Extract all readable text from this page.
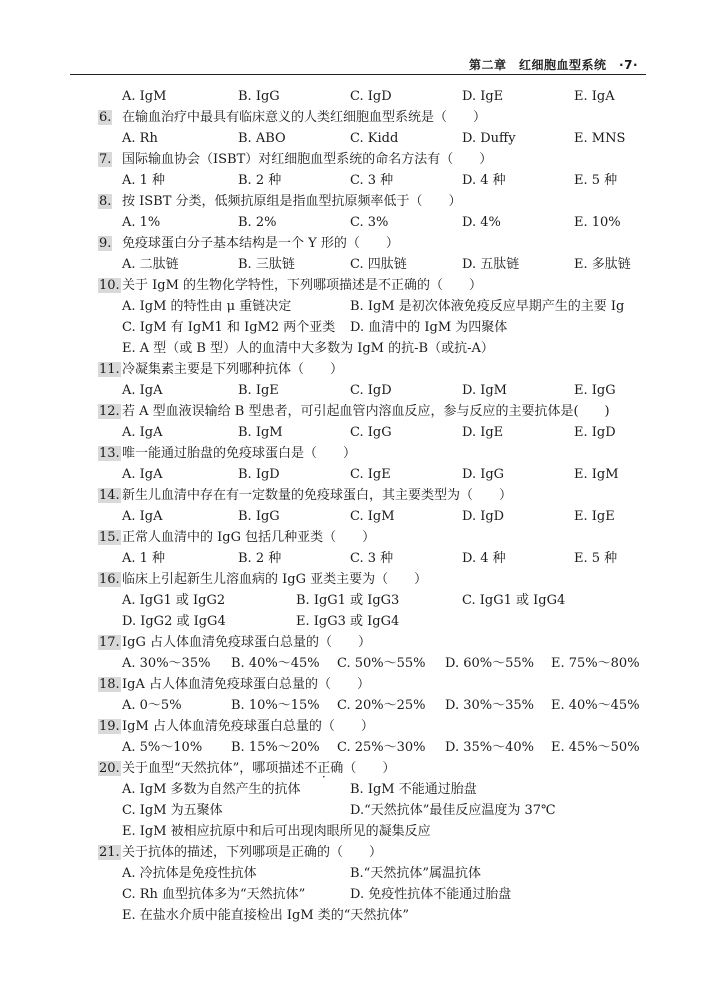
第二章　红细胞血型系统　·7·
A. IgM	B. IgG	C. IgD	D. IgE	E. IgA
6. 在输血治疗中最具有临床意义的人类红细胞血型系统是（　　）
A. Rh	B. ABO	C. Kidd	D. Duffy	E. MNS
7. 国际输血协会（ISBT）对红细胞血型系统的命名方法有（　　）
A. 1 种	B. 2 种	C. 3 种	D. 4 种	E. 5 种
8. 按 ISBT 分类，低频抗原组是指血型抗原频率低于（　　）
A. 1%	B. 2%	C. 3%	D. 4%	E. 10%
9. 免疫球蛋白分子基本结构是一个 Y 形的（　　）
A. 二肽链	B. 三肽链	C. 四肽链	D. 五肽链	E. 多肽链
10. 关于 IgM 的生物化学特性，下列哪项描述是不正确的（　　）
A. IgM 的特性由 μ 重链决定	B. IgM 是初次体液免疫反应早期产生的主要 Ig
C. IgM 有 IgM1 和 IgM2 两个亚类 D. 血清中的 IgM 为四聚体
E. A 型（或 B 型）人的血清中大多数为 IgM 的抗-B（或抗-A）
11. 冷凝集素主要是下列哪种抗体（　　）
A. IgA	B. IgE	C. IgD	D. IgM	E. IgG
12. 若 A 型血液误输给 B 型患者，可引起血管内溶血反应，参与反应的主要抗体是(　　)
A. IgA	B. IgM	C. IgG	D. IgE	E. IgD
13. 唯一能通过胎盘的免疫球蛋白是（　　）
A. IgA	B. IgD	C. IgE	D. IgG	E. IgM
14. 新生儿血清中存在有一定数量的免疫球蛋白，其主要类型为（　　）
A. IgA	B. IgG	C. IgM	D. IgD	E. IgE
15. 正常人血清中的 IgG 包括几种亚类（　　）
A. 1 种	B. 2 种	C. 3 种	D. 4 种	E. 5 种
16. 临床上引起新生儿溶血病的 IgG 亚类主要为（　　）
A. IgG1 或 IgG2	B. IgG1 或 IgG3	C. IgG1 或 IgG4
D. IgG2 或 IgG4	E. IgG3 或 IgG4
17. IgG 占人体血清免疫球蛋白总量的（　　）
A. 30%～35% B. 40%～45% C. 50%～55% D. 60%～55% E. 75%～80%
18. IgA 占人体血清免疫球蛋白总量的（　　）
A. 0～5%	B. 10%～15% C. 20%～25% D. 30%～35% E. 40%～45%
19. IgM 占人体血清免疫球蛋白总量的（　　）
A. 5%～10% B. 15%～20% C. 25%～30% D. 35%～40% E. 45%～50%
20. 关于血型“天然抗体”，哪项描述不正确（　　）
A. IgM 多数为自然产生的抗体	B. IgM 不能通过胎盘
C. IgM 为五聚体	D.“天然抗体”最佳反应温度为 37℃
E. IgM 被相应抗原中和后可出现肉眼所见的凝集反应
21. 关于抗体的描述，下列哪项是正确的（　　）
A. 冷抗体是免疫性抗体	B.“天然抗体”属温抗体
C. Rh 血型抗体多为“天然抗体”	D. 免疫性抗体不能通过胎盘
E. 在盐水介质中能直接检出 IgM 类的“天然抗体”
